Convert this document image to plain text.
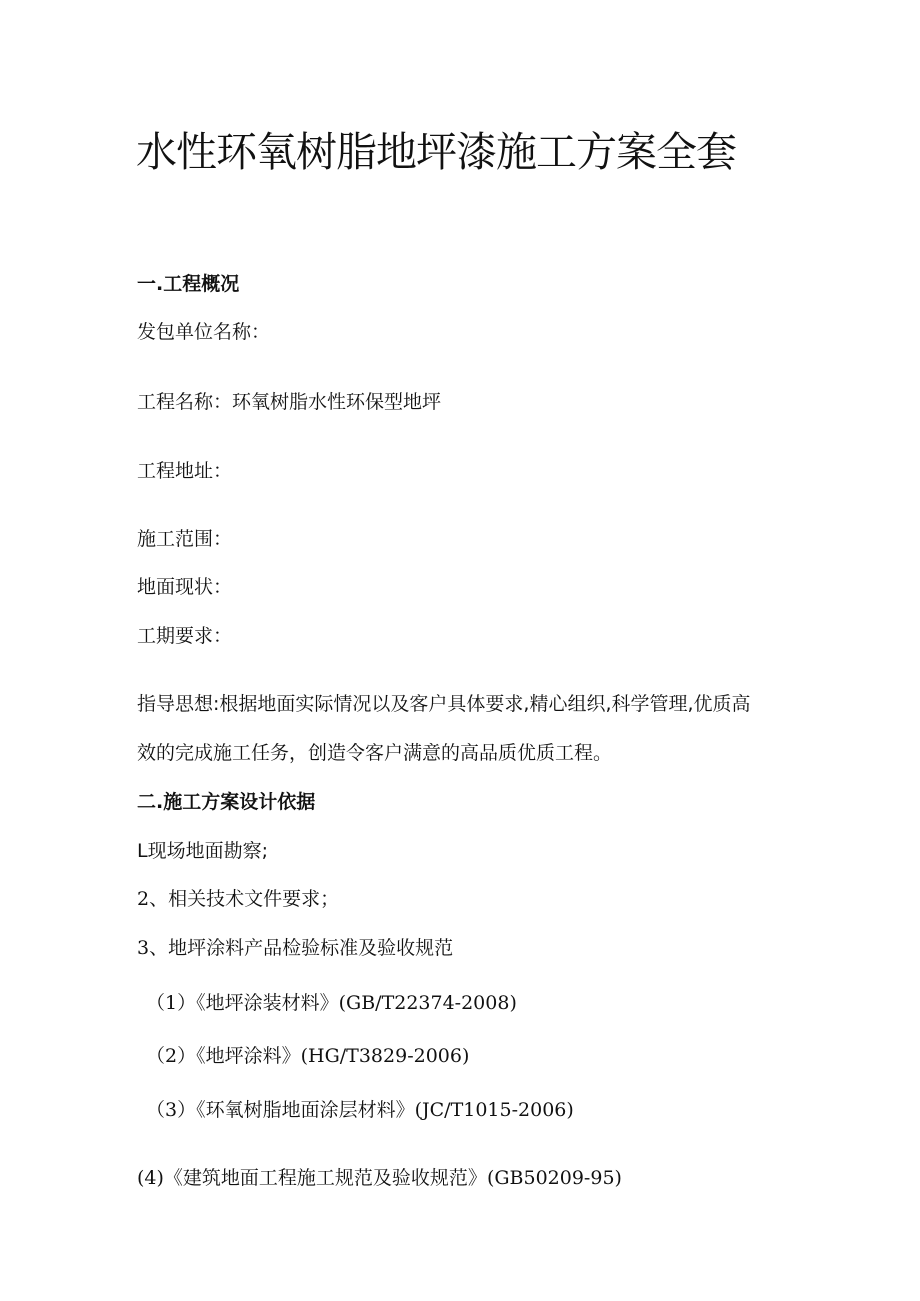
水性环氧树脂地坪漆施工方案全套
一.工程概况
发包单位名称：
工程名称：环氧树脂水性环保型地坪
工程地址：
施工范围：
地面现状：
工期要求：
指导思想:根据地面实际情况以及客户具体要求,精心组织,科学管理,优质高
效的完成施工任务，创造令客户满意的高品质优质工程。
二.施工方案设计依据
L现场地面勘察;
2、相关技术文件要求；
3、地坪涂料产品检验标准及验收规范
（1）《地坪涂装材料》(GB/T22374-2008)
（2）《地坪涂料》(HG/T3829-2006)
（3）《环氧树脂地面涂层材料》(JC/T1015-2006)
(4)《建筑地面工程施工规范及验收规范》(GB50209-95)
